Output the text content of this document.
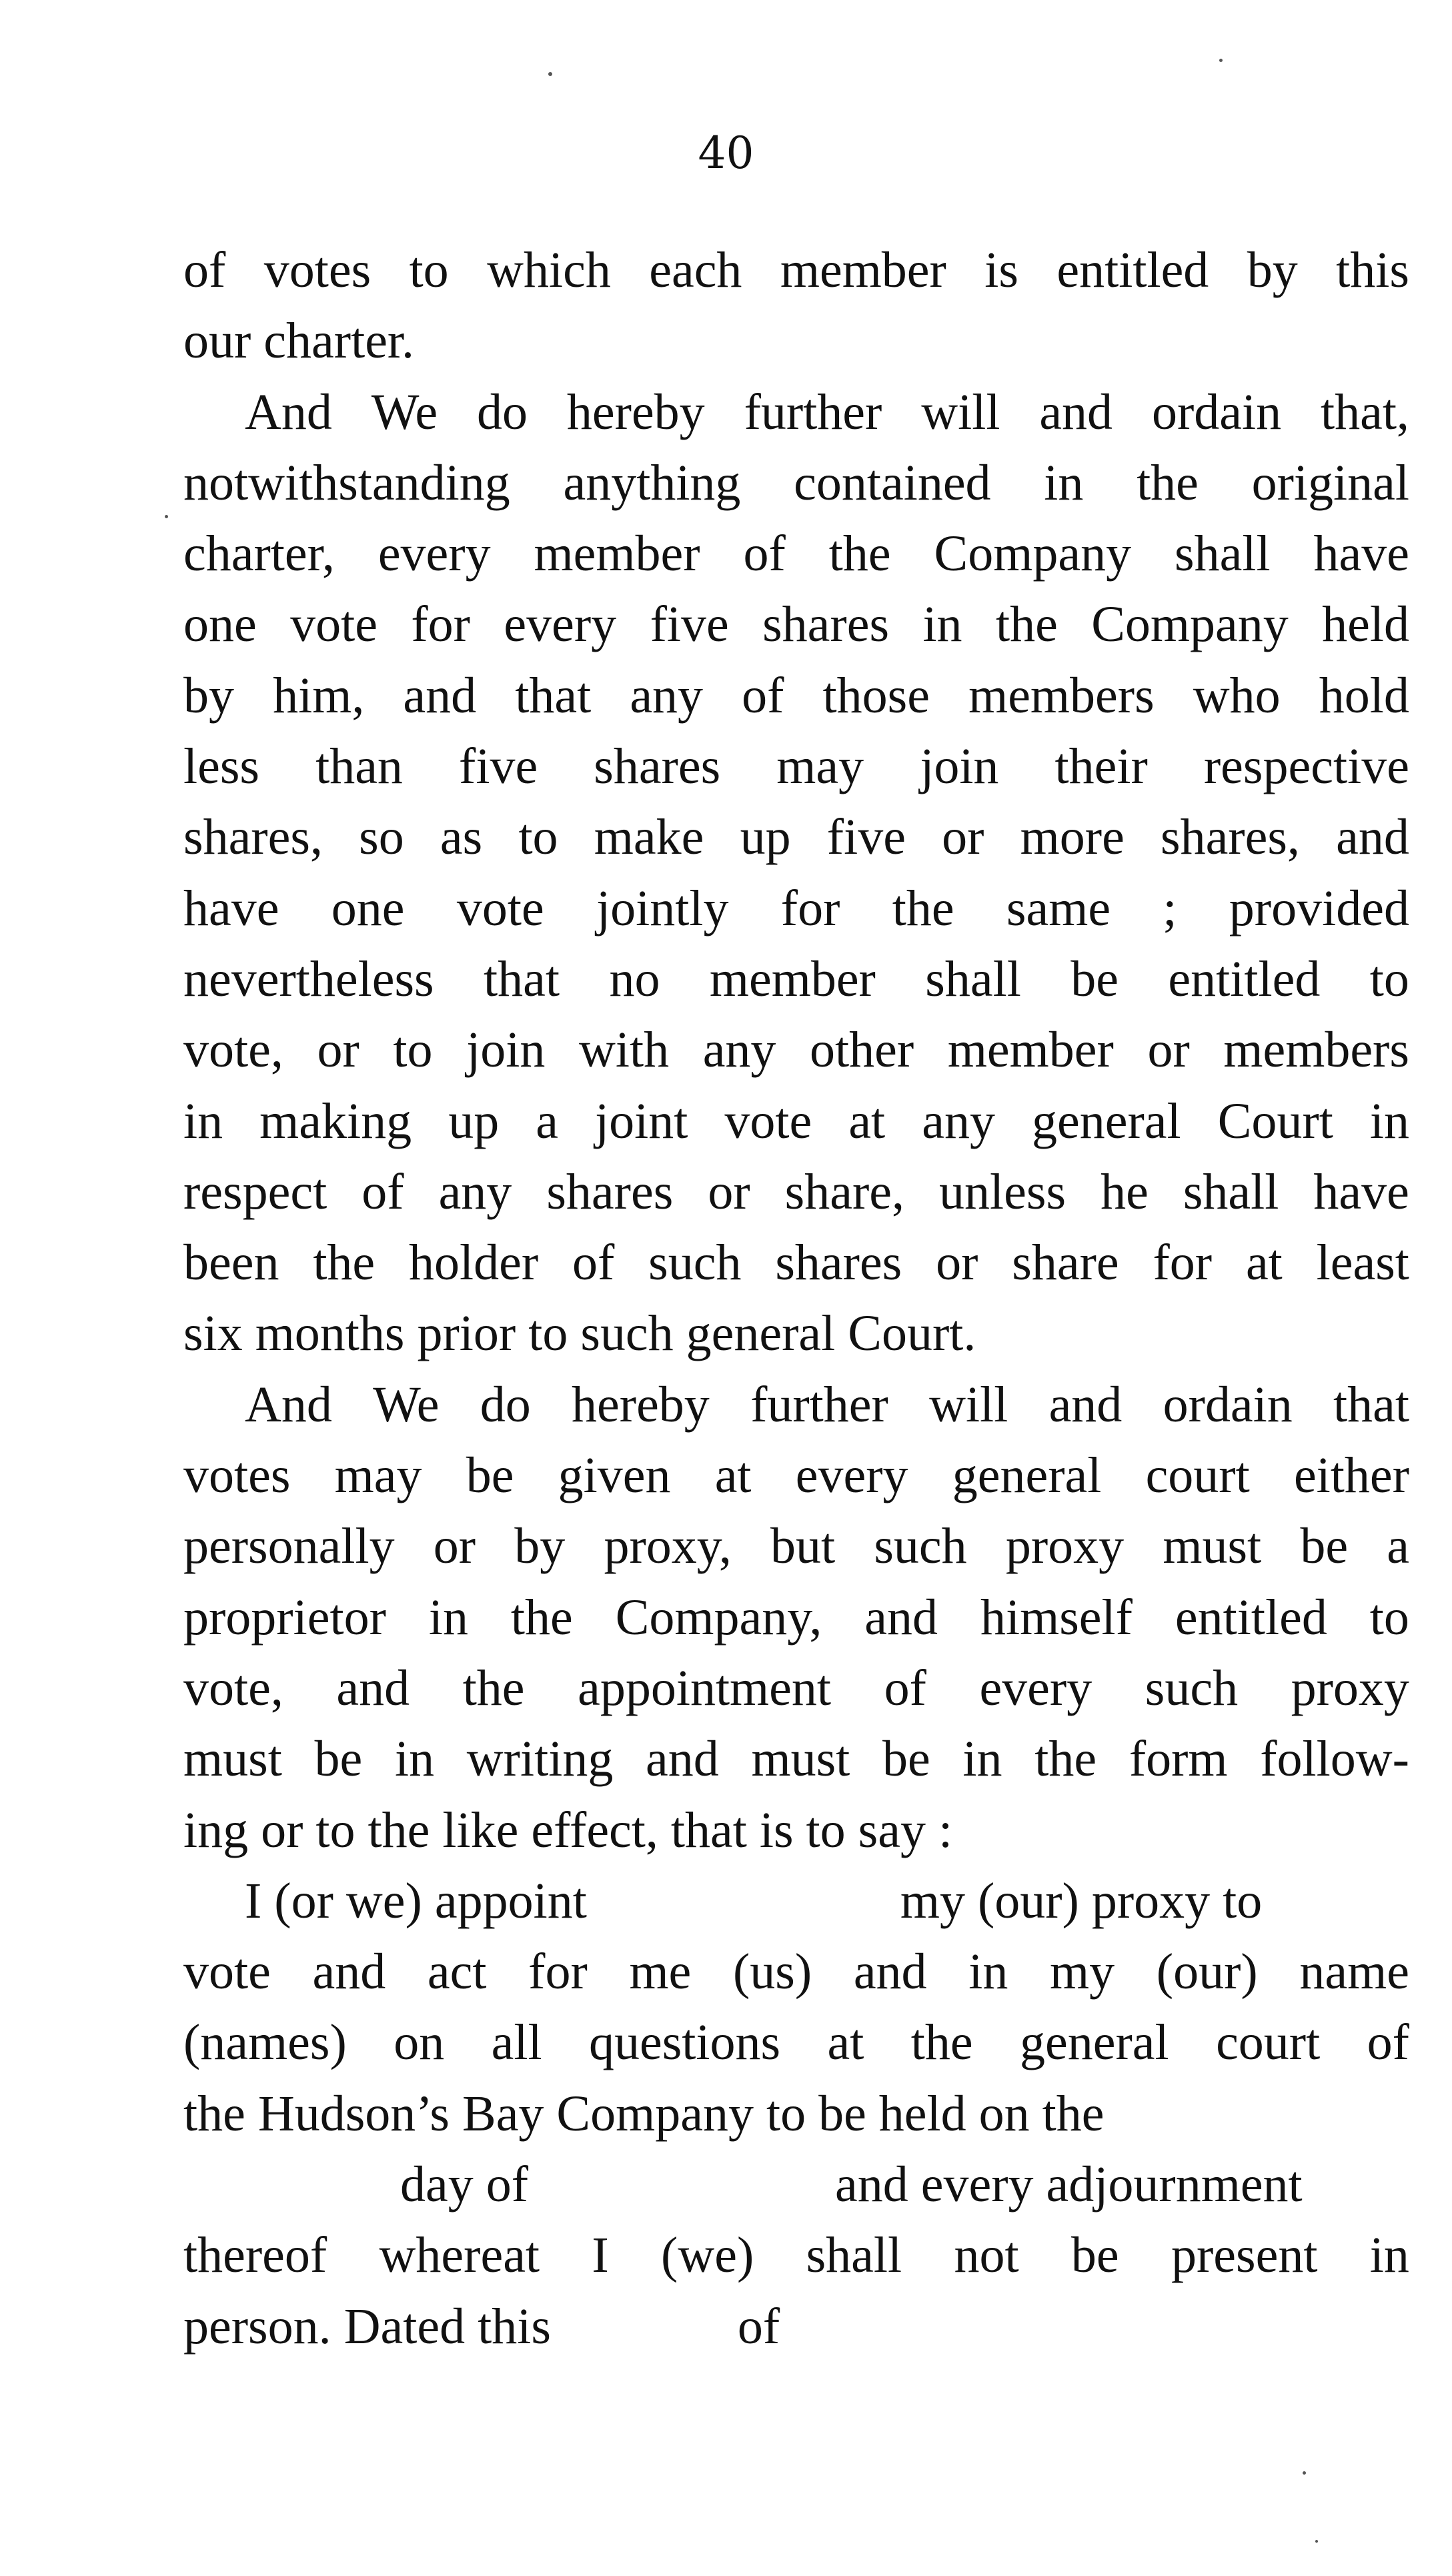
40
of votes to which each member is entitled by this
our charter.
And We do hereby further will and ordain that,
notwithstanding anything contained in the original
charter, every member of the Company shall have
one vote for every five shares in the Company held
by him, and that any of those members who hold
less than five shares may join their respective
shares, so as to make up five or more shares, and
have one vote jointly for the same ; provided
nevertheless that no member shall be entitled to
vote, or to join with any other member or members
in making up a joint vote at any general Court in
respect of any shares or share, unless he shall have
been the holder of such shares or share for at least
six months prior to such general Court.
And We do hereby further will and ordain that
votes may be given at every general court either
personally or by proxy, but such proxy must be a
proprietor in the Company, and himself entitled to
vote, and the appointment of every such proxy
must be in writing and must be in the form follow-
ing or to the like effect, that is to say :
I (or we) appoint	my (our) proxy to
vote and act for me (us) and in my (our) name
(names) on all questions at the general court of
the Hudson’s Bay Company to be held on the
day of	and every adjournment
thereof whereat I (we) shall not be present in
person. Dated this	of
